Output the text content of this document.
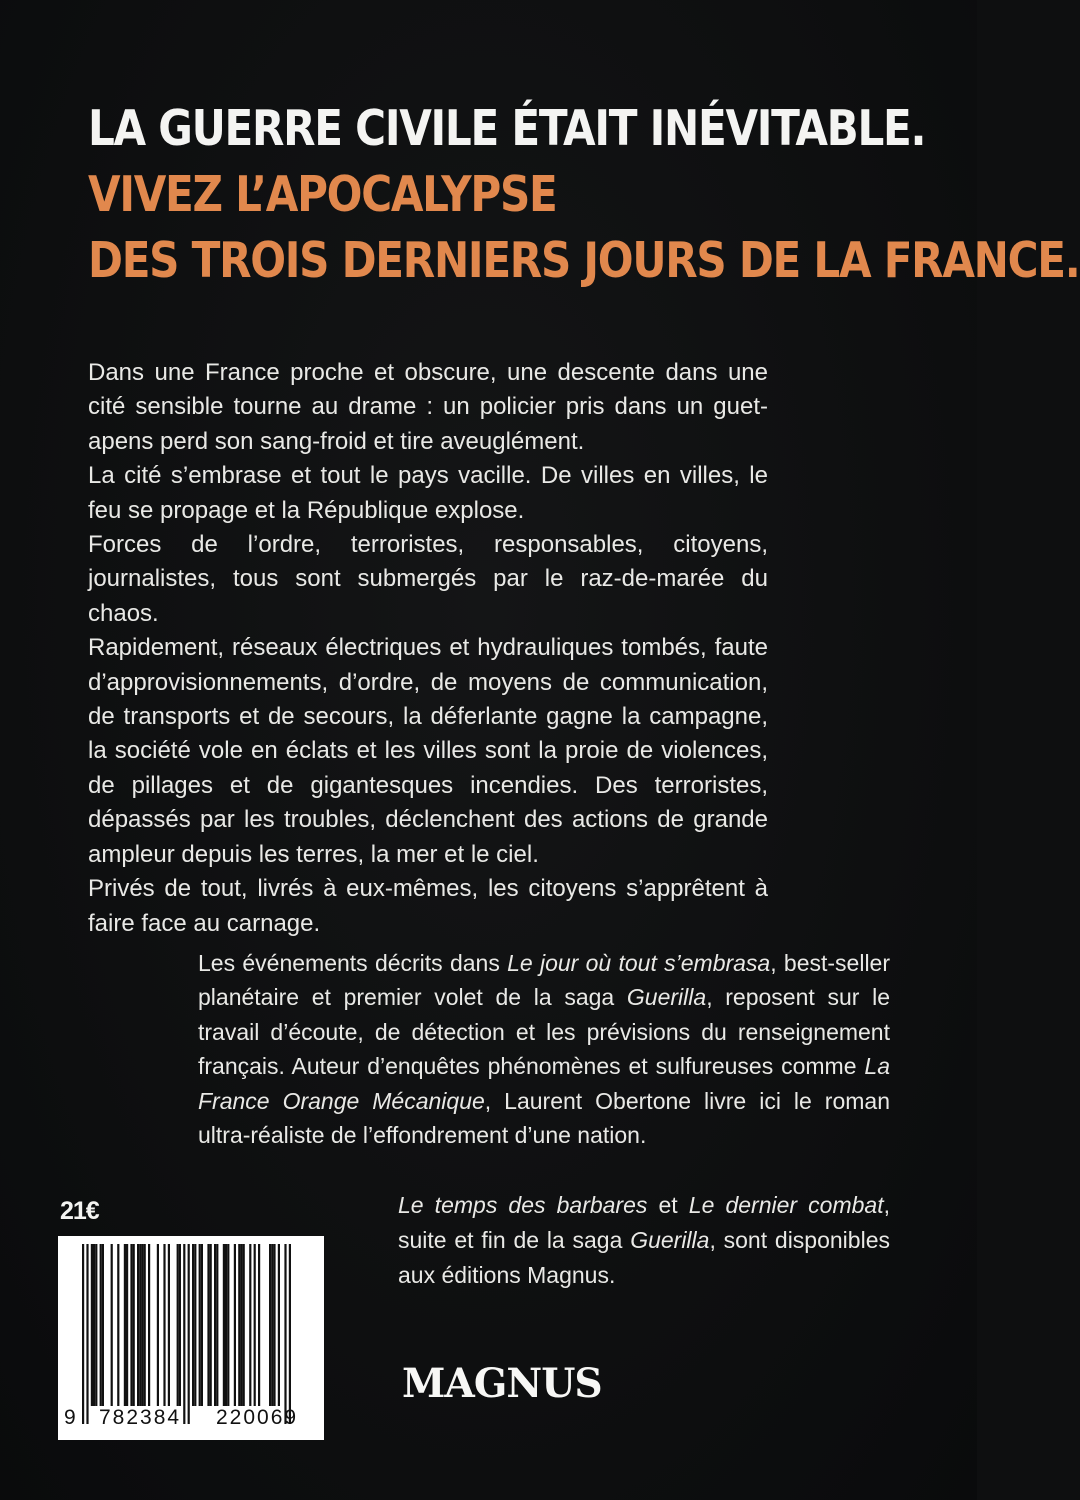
LA GUERRE CIVILE ÉTAIT INÉVITABLE.
VIVEZ L’APOCALYPSE
DES TROIS DERNIERS JOURS DE LA FRANCE.

Dans une France proche et obscure, une descente dans une cité sensible tourne au drame : un policier pris dans un guet-apens perd son sang-froid et tire aveuglément.

La cité s’embrase et tout le pays vacille. De villes en villes, le feu se propage et la République explose.

Forces de l’ordre, terroristes, responsables, citoyens, journalistes, tous sont submergés par le raz-de-marée du chaos.

Rapidement, réseaux électriques et hydrauliques tombés, faute d’approvisionnements, d’ordre, de moyens de communication, de transports et de secours, la déferlante gagne la campagne, la société vole en éclats et les villes sont la proie de violences, de pillages et de gigantesques incendies. Des terroristes, dépassés par les troubles, déclenchent des actions de grande ampleur depuis les terres, la mer et le ciel.

Privés de tout, livrés à eux-mêmes, les citoyens s’apprêtent à faire face au carnage.

Les événements décrits dans Le jour où tout s’embrasa, best-seller planétaire et premier volet de la saga Guerilla, reposent sur le travail d’écoute, de détection et les prévisions du renseignement français. Auteur d’enquêtes phénomènes et sulfureuses comme La France Orange Mécanique, Laurent Obertone livre ici le roman ultra-réaliste de l’effondrement d’une nation.

Le temps des barbares et Le dernier combat, suite et fin de la saga Guerilla, sont disponibles aux éditions Magnus.

21€
9 782384 220069
MAGNUS
